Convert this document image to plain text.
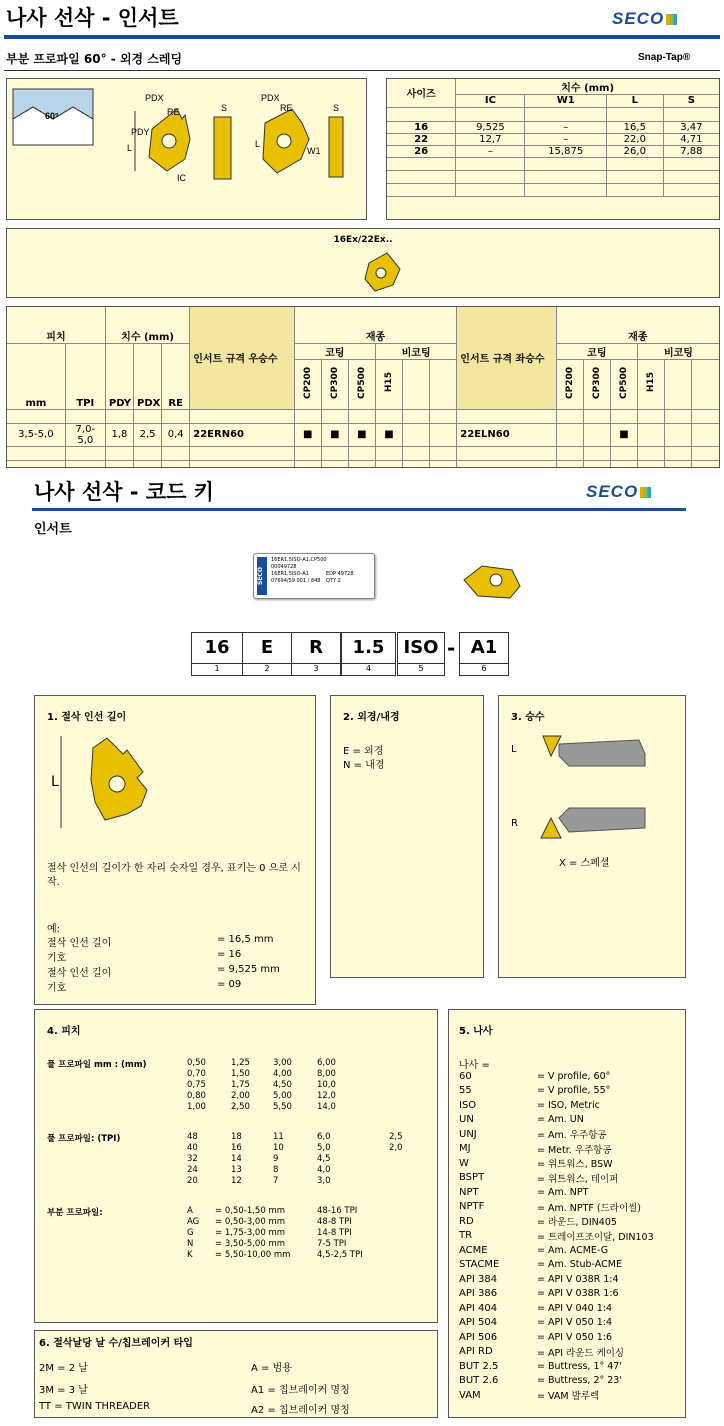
나사 선삭 - 인서트	SECO
부분 프로파일 60° - 외경 스레딩	Snap-Tap®
60°
PDX
RE
PDY
L
IC
S
PDX
RE
L
W1
S
사이즈	치수 (mm)			
	IC	W1	L	S

16	9,525	–	16,5	3,47
22	12,7	–	22,0	4,71
26	–	15,875	26,0	7,88

16Ex/22Ex..
피치		치수 (mm)			인서트 규격 우승수	재종						인서트 규격 좌승수	재종					
mm	TPI	PDY	PDX	RE		코팅			비코팅				코팅			비코팅		
						CP200	CP300	CP500	H15				CP200	CP300	CP500	H15		

3,5-5,0	7,0-5,0	1,8	2,5	0,4	22ERN60	■	■	■	■			22ELN60			■			

나사 선삭 - 코드 키	SECO
인서트
SECO
16ER1,5ISO-A1,CP500
00049728
16ER1,5ISO-A1
07694/59 001 / 848
EDP 49728
QTY 2
16
1
E
2
R
3
1.5
4
ISO
5
- A1
6
1. 절삭 인선 길이
L
절삭 인선의 길이가 한 자리 숫자일 경우, 표기는 0 으로 시작.
예:
절삭 인선 길이	= 16,5 mm
기호	= 16
절삭 인선 길이	= 9,525 mm
기호	= 09
2. 외경/내경
E = 외경
N = 내경
3. 승수
L
R
X = 스페셜
4. 피치
풀 프로파일 mm : (mm)	0,50	1,25	3,00	6,00
0,70	1,50	4,00	8,00
0,75	1,75	4,50	10,0
0,80	2,00	5,00	12,0
1,00	2,50	5,50	14,0
풀 프로파일: (TPI)	48	18	11	6,0	2,5
40	16	10	5,0	2,0
32	14	9	4,5	
24	13	8	4,0	
20	12	7	3,0	
부분 프로파일:	A	= 0,50-1,50 mm	48-16 TPI
AG	= 0,50-3,00 mm	48-8 TPI
G	= 1,75-3,00 mm	14-8 TPI
N	= 3,50-5,00 mm	7-5 TPI
K	= 5,50-10,00 mm	4,5-2,5 TPI
5. 나사
나사 =
60	= V profile, 60°
55	= V profile, 55°
ISO	= ISO, Metric
UN	= Am. UN
UNJ	= Am. 우주항공
MJ	= Metr. 우주항공
W	= 위트워스, BSW
BSPT	= 위트워스, 테이퍼
NPT	= Am. NPT
NPTF	= Am. NPTF (드라이씰)
RD	= 라운드, DIN405
TR	= 트레이프조이달, DIN103
ACME	= Am. ACME-G
STACME	= Am. Stub-ACME
API 384	= API V 038R 1:4
API 386	= API V 038R 1:6
API 404	= API V 040 1:4
API 504	= API V 050 1:4
API 506	= API V 050 1:6
API RD	= API 라운드 케이싱
BUT 2.5	= Buttress, 1° 47'
BUT 2.6	= Buttress, 2° 23'
VAM	= VAM 발루렉
6. 절삭날당 날 수/칩브레이커 타입
2M = 2 날
3M = 3 날
TT = TWIN THREADER
A = 범용
A1 = 칩브레이커 명칭
A2 = 칩브레이커 명칭
